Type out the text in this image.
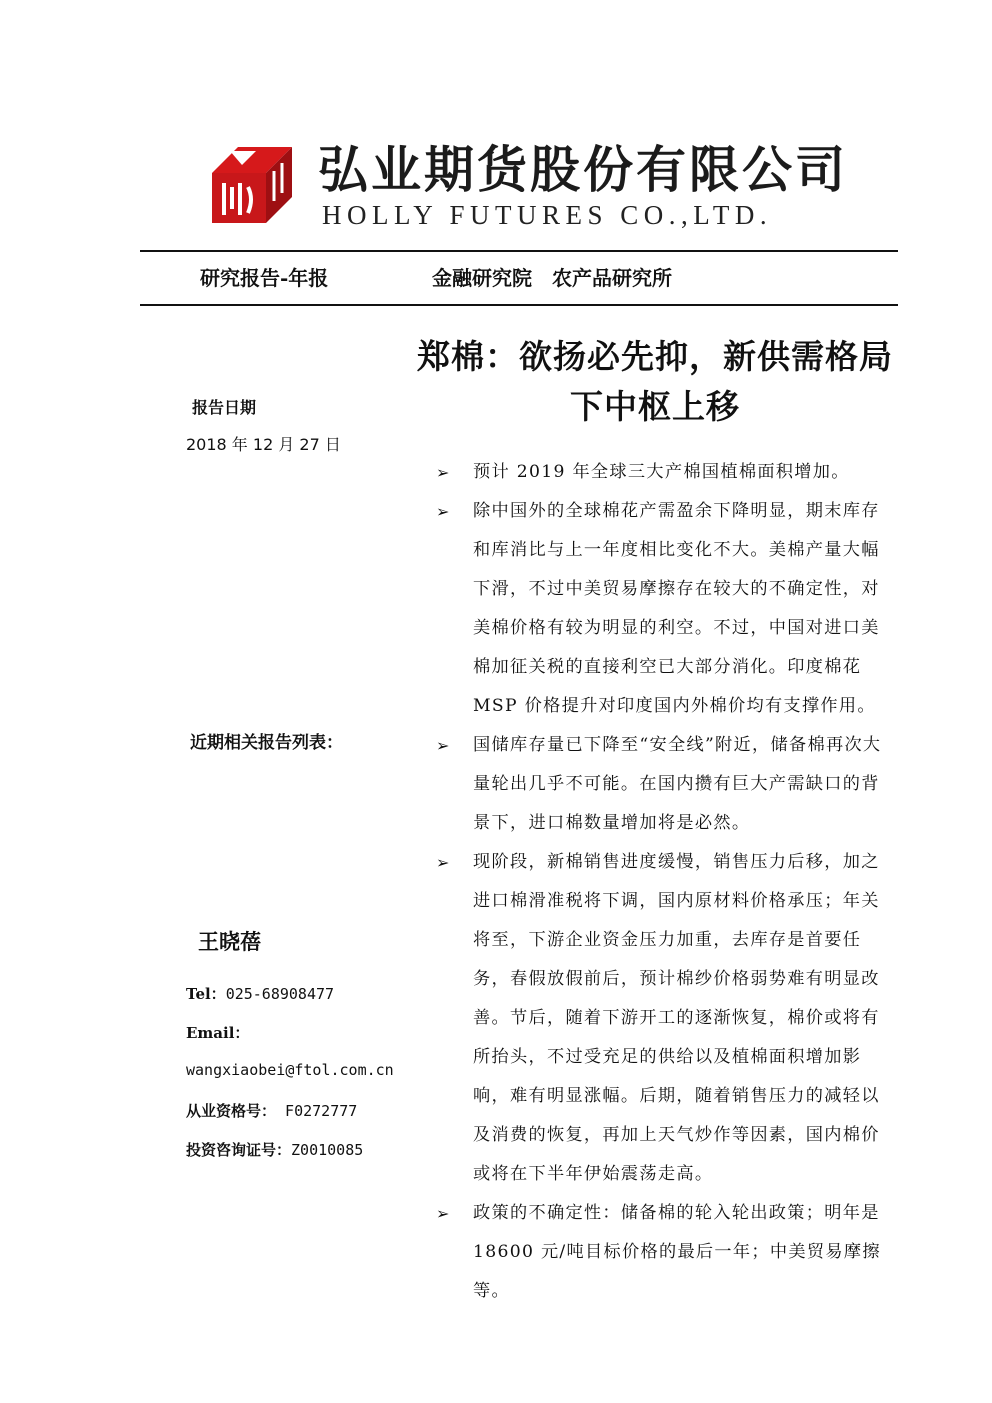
弘业期货股份有限公司
HOLLY FUTURES CO.,LTD.
研究报告-年报	金融研究院　农产品研究所
郑棉：欲扬必先抑，新供需格局下中枢上移
报告日期
2018 年 12 月 27 日
近期相关报告列表：
王晓蓓
Tel：025-68908477
Email：
wangxiaobei@ftol.com.cn
从业资格号： F0272777
投资咨询证号：Z0010085
➢ 预计 2019 年全球三大产棉国植棉面积增加。
➢ 除中国外的全球棉花产需盈余下降明显，期末库存和库消比与上一年度相比变化不大。美棉产量大幅下滑，不过中美贸易摩擦存在较大的不确定性，对美棉价格有较为明显的利空。不过，中国对进口美棉加征关税的直接利空已大部分消化。印度棉花 MSP 价格提升对印度国内外棉价均有支撑作用。
➢ 国储库存量已下降至“安全线”附近，储备棉再次大量轮出几乎不可能。在国内攒有巨大产需缺口的背景下，进口棉数量增加将是必然。
➢ 现阶段，新棉销售进度缓慢，销售压力后移，加之进口棉滑准税将下调，国内原材料价格承压；年关将至，下游企业资金压力加重，去库存是首要任务，春假放假前后，预计棉纱价格弱势难有明显改善。节后，随着下游开工的逐渐恢复，棉价或将有所抬头，不过受充足的供给以及植棉面积增加影响，难有明显涨幅。后期，随着销售压力的减轻以及消费的恢复，再加上天气炒作等因素，国内棉价或将在下半年伊始震荡走高。
➢ 政策的不确定性：储备棉的轮入轮出政策；明年是 18600 元/吨目标价格的最后一年；中美贸易摩擦等。
